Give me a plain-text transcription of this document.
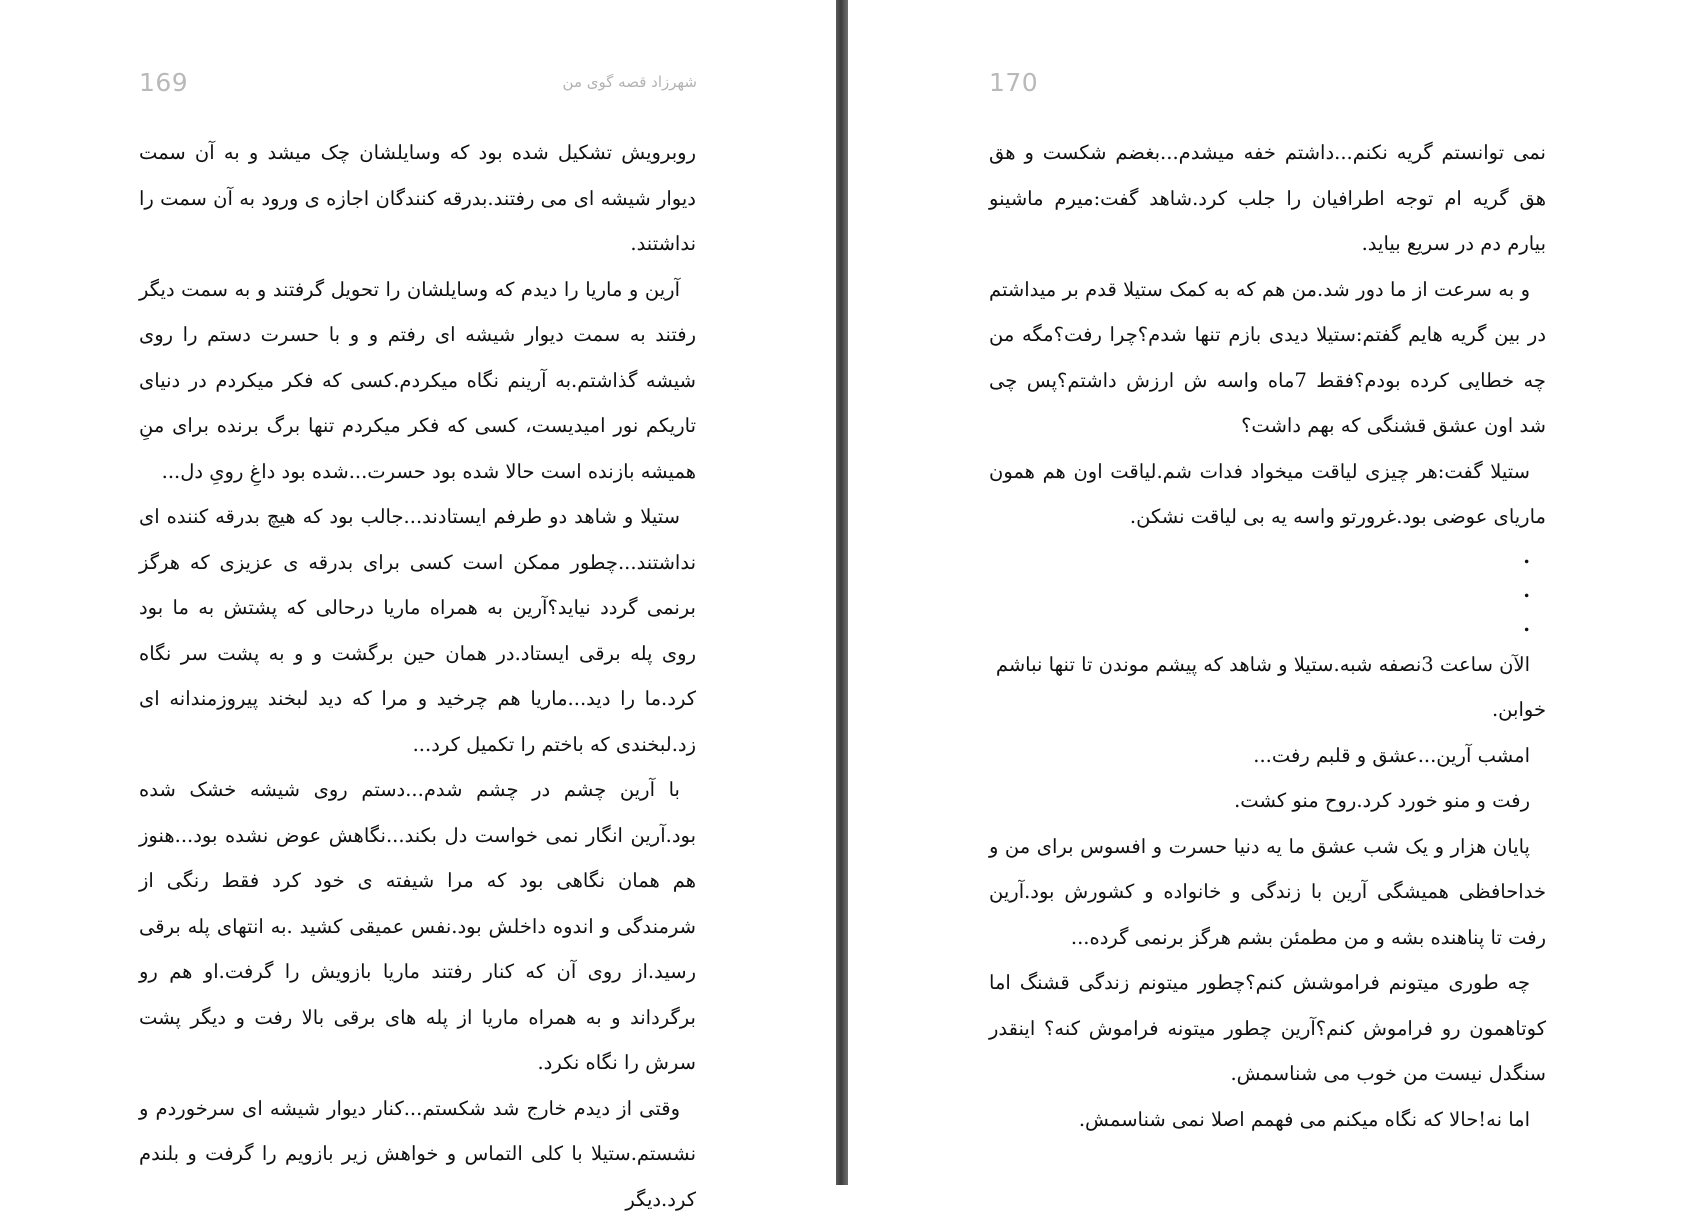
169	شهرزاد قصه گوی من

روبرویش تشکیل شده بود که وسایلشان چک میشد و به آن سمت دیوار شیشه ای می رفتند.بدرقه کنندگان اجازه ی ورود به آن سمت را نداشتند.

آرین و ماریا را دیدم که وسایلشان را تحویل گرفتند و به سمت دیگر رفتند به سمت دیوار شیشه ای رفتم و و با حسرت دستم را روی شیشه گذاشتم.به آرینم نگاه میکردم.کسی که فکر میکردم در دنیای تاریکم نور امیدیست، کسی که فکر میکردم تنها برگ برنده برای منِ همیشه بازنده است حالا شده بود حسرت...شده بود داغِ رویِ دل...

ستیلا و شاهد دو طرفم ایستادند...جالب بود که هیچ بدرقه کننده ای نداشتند...چطور ممکن است کسی برای بدرقه ی عزیزی که هرگز برنمی گردد نیاید؟آرین به همراه ماریا درحالی که پشتش به ما بود روی پله برقی ایستاد.در همان حین برگشت و و به پشت سر نگاه کرد.ما را دید...ماریا هم چرخید و مرا که دید لبخند پیروزمندانه ای زد.لبخندی که باختم را تکمیل کرد...

با آرین چشم در چشم شدم...دستم روی شیشه خشک شده بود.آرین انگار نمی خواست دل بکند...نگاهش عوض نشده بود...هنوز هم همان نگاهی بود که مرا شیفته ی خود کرد فقط رنگی از شرمندگی و اندوه داخلش بود.نفس عمیقی کشید .به انتهای پله برقی رسید.از روی آن که کنار رفتند ماریا بازویش را گرفت.او هم رو برگرداند و به همراه ماریا از پله های برقی بالا رفت و دیگر پشت سرش را نگاه نکرد.

وقتی از دیدم خارج شد شکستم...کنار دیوار شیشه ای سرخوردم و نشستم.ستیلا با کلی التماس و خواهش زیر بازویم را گرفت و بلندم کرد.دیگر

170

نمی توانستم گریه نکنم...داشتم خفه میشدم...بغضم شکست و هق هق گریه ام توجه اطرافیان را جلب کرد.شاهد گفت:میرم ماشینو بیارم دم در سریع بیاید.

و به سرعت از ما دور شد.من هم که به کمک ستیلا قدم بر میداشتم در بین گریه هایم گفتم:ستیلا دیدی بازم تنها شدم؟چرا رفت؟مگه من چه خطایی کرده بودم؟فقط 7ماه واسه ش ارزش داشتم؟پس چی شد اون عشق قشنگی که بهم داشت؟

ستیلا گفت:هر چیزی لیاقت میخواد فدات شم.لیاقت اون هم همون ماریای عوضی بود.غرورتو واسه یه بی لیاقت نشکن.

.

.

.

الآن ساعت 3نصفه شبه.ستیلا و شاهد که پیشم موندن تا تنها نباشم خوابن.

امشب آرین...عشق و قلبم رفت...

رفت و منو خورد کرد.روح منو کشت.

پایان هزار و یک شب عشق ما یه دنیا حسرت و افسوس برای من و خداحافظی همیشگی آرین با زندگی و خانواده و کشورش بود.آرین رفت تا پناهنده بشه و من مطمئن بشم هرگز برنمی گرده...

چه طوری میتونم فراموشش کنم؟چطور میتونم زندگی قشنگ اما کوتاهمون رو فراموش کنم؟آرین چطور میتونه فراموش کنه؟ اینقدر سنگدل نیست من خوب می شناسمش.

اما نه!حالا که نگاه میکنم می فهمم اصلا نمی شناسمش.
